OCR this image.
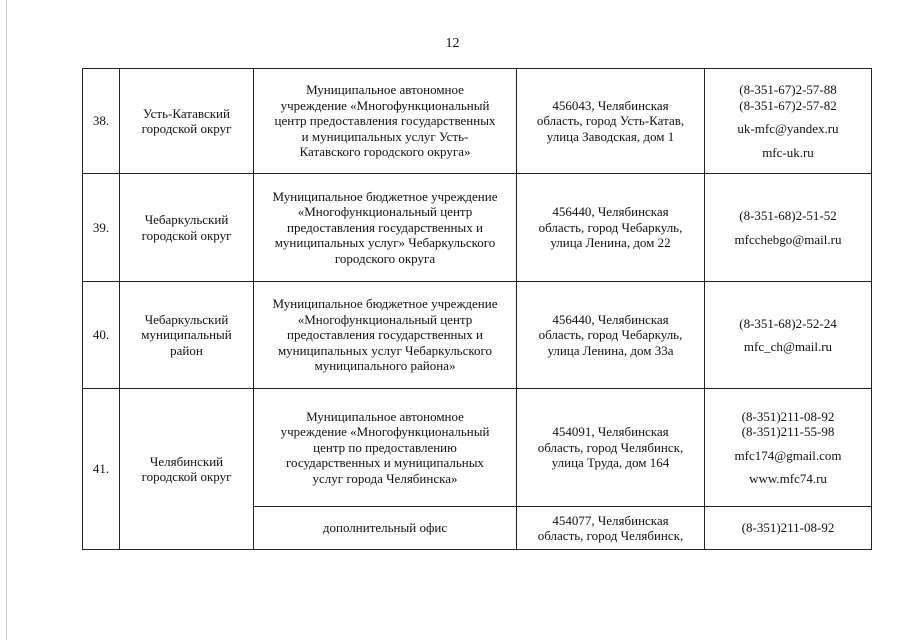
12
38.	Усть-Катавский
городской округ	Муниципальное автономное
учреждение «Многофункциональный
центр предоставления государственных
и муниципальных услуг Усть-
Катавского городского округа»	456043, Челябинская
область, город Усть-Катав,
улица Заводская, дом 1	(8-351-67)2-57-88
(8-351-67)2-57-82
uk-mfc@yandex.ru
mfc-uk.ru

39.	Чебаркульский
городской округ	Муниципальное бюджетное учреждение
«Многофункциональный центр
предоставления государственных и
муниципальных услуг» Чебаркульского
городского округа	456440, Челябинская
область, город Чебаркуль,
улица Ленина, дом 22	(8-351-68)2-51-52
mfcchebgo@mail.ru

40.	Чебаркульский
муниципальный
район	Муниципальное бюджетное учреждение
«Многофункциональный центр
предоставления государственных и
муниципальных услуг Чебаркульского
муниципального района»	456440, Челябинская
область, город Чебаркуль,
улица Ленина, дом 33а	(8-351-68)2-52-24
mfc_ch@mail.ru

41.	Челябинский
городской округ	Муниципальное автономное
учреждение «Многофункциональный
центр по предоставлению
государственных и муниципальных
услуг города Челябинска»	454091, Челябинская
область, город Челябинск,
улица Труда, дом 164	(8-351)211-08-92
(8-351)211-55-98
mfc174@gmail.com
www.mfc74.ru

		дополнительный офис	454077, Челябинская
область, город Челябинск,	(8-351)211-08-92
